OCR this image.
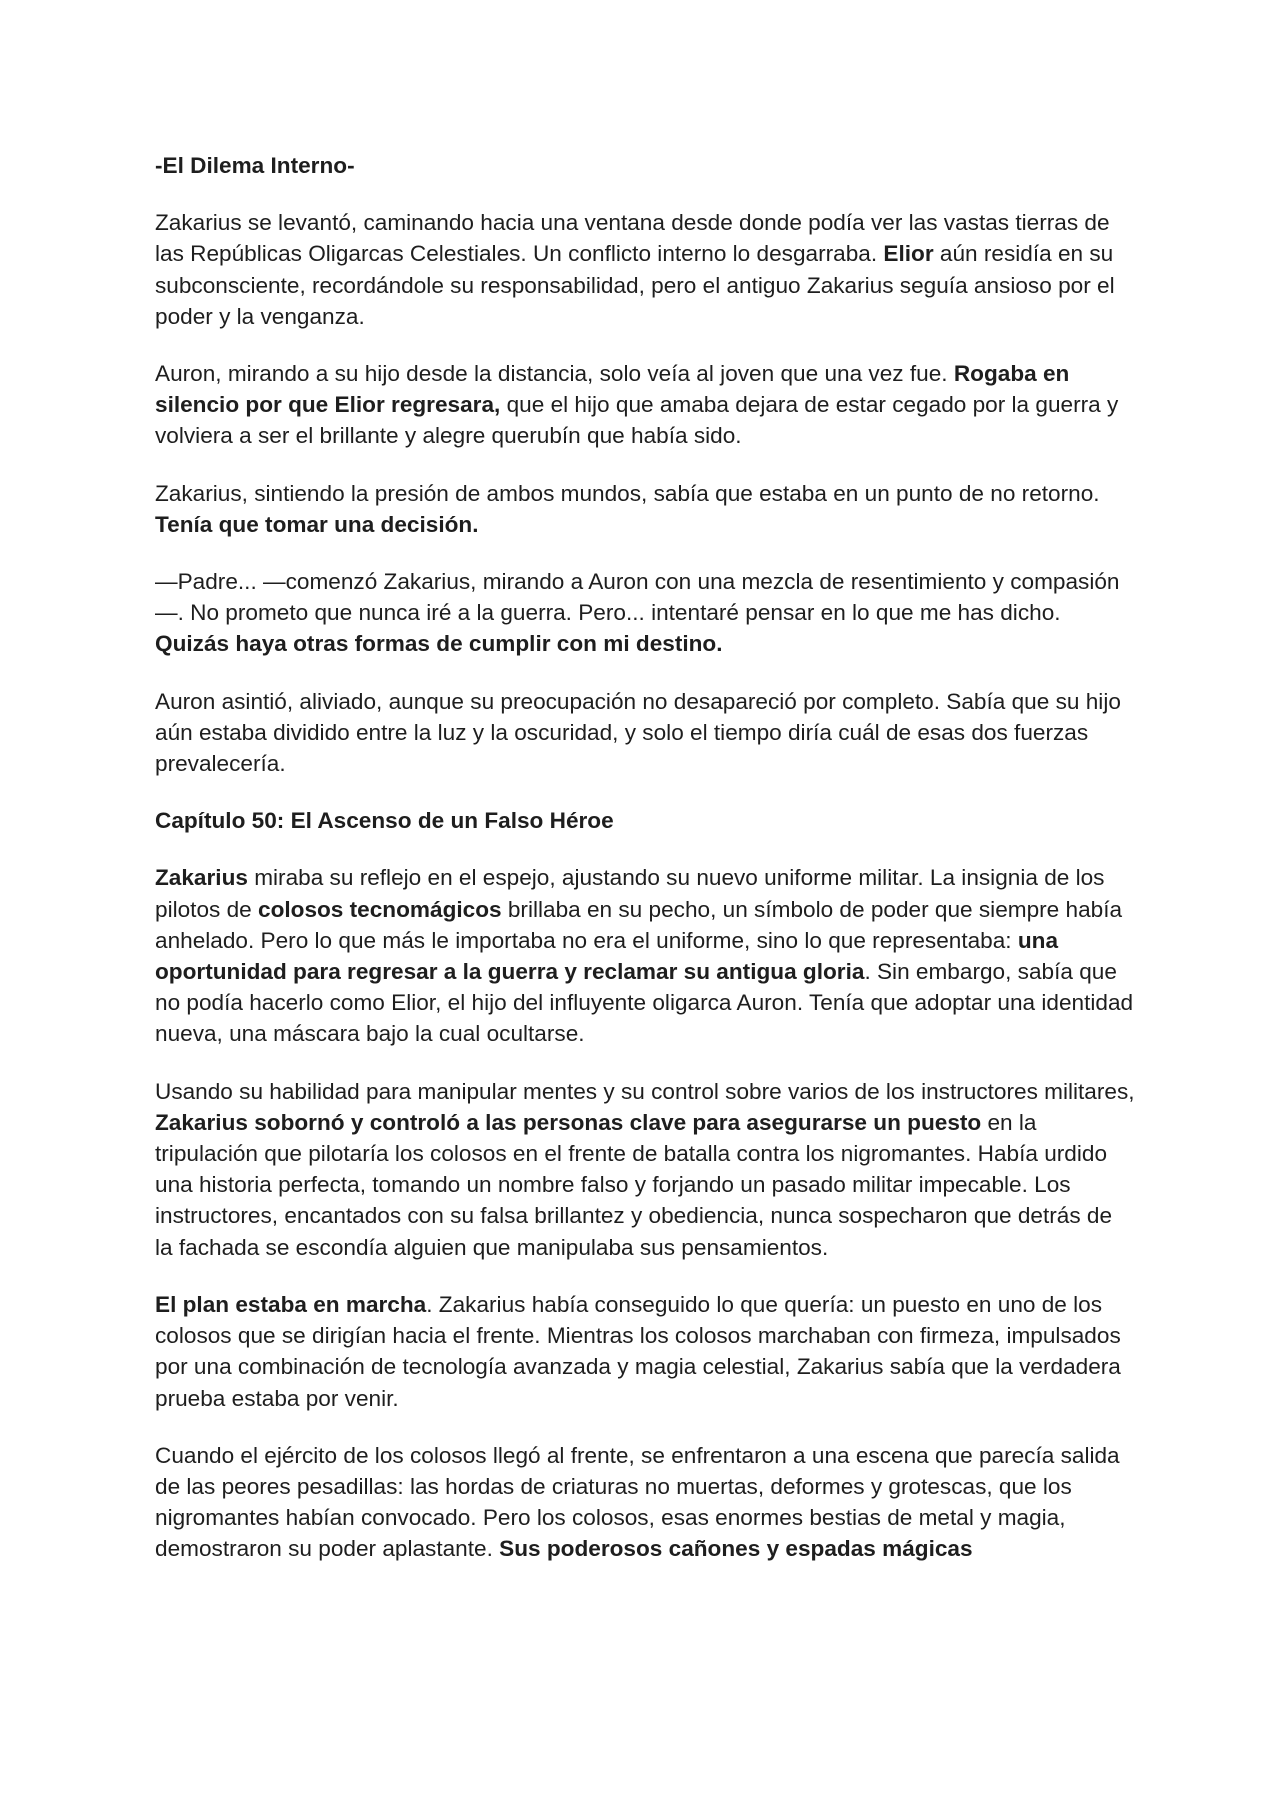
-El Dilema Interno-

Zakarius se levantó, caminando hacia una ventana desde donde podía ver las vastas tierras de las Repúblicas Oligarcas Celestiales. Un conflicto interno lo desgarraba. Elior aún residía en su subconsciente, recordándole su responsabilidad, pero el antiguo Zakarius seguía ansioso por el poder y la venganza.

Auron, mirando a su hijo desde la distancia, solo veía al joven que una vez fue. Rogaba en silencio por que Elior regresara, que el hijo que amaba dejara de estar cegado por la guerra y volviera a ser el brillante y alegre querubín que había sido.

Zakarius, sintiendo la presión de ambos mundos, sabía que estaba en un punto de no retorno. Tenía que tomar una decisión.

—Padre... —comenzó Zakarius, mirando a Auron con una mezcla de resentimiento y compasión—. No prometo que nunca iré a la guerra. Pero... intentaré pensar en lo que me has dicho. Quizás haya otras formas de cumplir con mi destino.

Auron asintió, aliviado, aunque su preocupación no desapareció por completo. Sabía que su hijo aún estaba dividido entre la luz y la oscuridad, y solo el tiempo diría cuál de esas dos fuerzas prevalecería.

Capítulo 50: El Ascenso de un Falso Héroe

Zakarius miraba su reflejo en el espejo, ajustando su nuevo uniforme militar. La insignia de los pilotos de colosos tecnomágicos brillaba en su pecho, un símbolo de poder que siempre había anhelado. Pero lo que más le importaba no era el uniforme, sino lo que representaba: una oportunidad para regresar a la guerra y reclamar su antigua gloria. Sin embargo, sabía que no podía hacerlo como Elior, el hijo del influyente oligarca Auron. Tenía que adoptar una identidad nueva, una máscara bajo la cual ocultarse.

Usando su habilidad para manipular mentes y su control sobre varios de los instructores militares, Zakarius sobornó y controló a las personas clave para asegurarse un puesto en la tripulación que pilotaría los colosos en el frente de batalla contra los nigromantes. Había urdido una historia perfecta, tomando un nombre falso y forjando un pasado militar impecable. Los instructores, encantados con su falsa brillantez y obediencia, nunca sospecharon que detrás de la fachada se escondía alguien que manipulaba sus pensamientos.

El plan estaba en marcha. Zakarius había conseguido lo que quería: un puesto en uno de los colosos que se dirigían hacia el frente. Mientras los colosos marchaban con firmeza, impulsados por una combinación de tecnología avanzada y magia celestial, Zakarius sabía que la verdadera prueba estaba por venir.

Cuando el ejército de los colosos llegó al frente, se enfrentaron a una escena que parecía salida de las peores pesadillas: las hordas de criaturas no muertas, deformes y grotescas, que los nigromantes habían convocado. Pero los colosos, esas enormes bestias de metal y magia, demostraron su poder aplastante. Sus poderosos cañones y espadas mágicas
